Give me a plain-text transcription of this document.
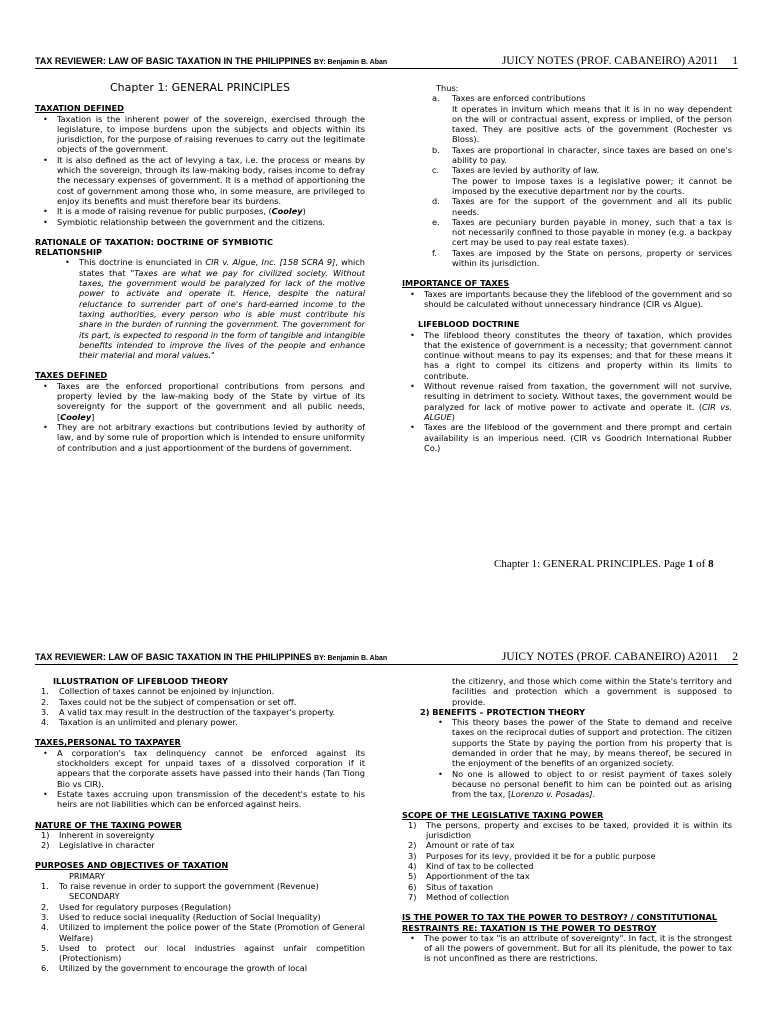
TAX REVIEWER: LAW OF BASIC TAXATION IN THE PHILIPPINES BY: Benjamin B. Aban	JUICY NOTES (PROF. CABANEIRO) A2011 1

Chapter 1: GENERAL PRINCIPLES

TAXATION DEFINED

• Taxation is the inherent power of the sovereign, exercised through the legislature, to impose burdens upon the subjects and objects within its jurisdiction, for the purpose of raising revenues to carry out the legitimate objects of the government.
• It is also defined as the act of levying a tax, i.e. the process or means by which the sovereign, through its law-making body, raises income to defray the necessary expenses of government. It is a method of apportioning the cost of government among those who, in some measure, are privileged to enjoy its benefits and must therefore bear its burdens.
• It is a mode of raising revenue for public purposes, (Cooley)
• Symbiotic relationship between the government and the citizens.

RATIONALE OF TAXATION: DOCTRINE OF SYMBIOTIC RELATIONSHIP

• This doctrine is enunciated in CIR v. Algue, Inc. [158 SCRA 9], which states that "Taxes are what we pay for civilized society. Without taxes, the government would be paralyzed for lack of the motive power to activate and operate it. Hence, despite the natural reluctance to surrender part of one's hard-earned income to the taxing authorities, every person who is able must contribute his share in the burden of running the government. The government for its part, is expected to respond in the form of tangible and intangible benefits intended to improve the lives of the people and enhance their material and moral values."

TAXES DEFINED

• Taxes are the enforced proportional contributions from persons and property levied by the law-making body of the State by virtue of its sovereignty for the support of the government and all public needs, [Cooley]
• They are not arbitrary exactions but contributions levied by authority of law, and by some rule of proportion which is intended to ensure uniformity of contribution and a just apportionment of the burdens of government.

Thus:

a. Taxes are enforced contributions
It operates in invitum which means that it is in no way dependent on the will or contractual assent, express or implied, of the person taxed. They are positive acts of the government (Rochester vs Bloss).
b. Taxes are proportional in character, since taxes are based on one's ability to pay.
c. Taxes are levied by authority of law.
The power to impose taxes is a legislative power; it cannot be imposed by the executive department nor by the courts.
d. Taxes are for the support of the government and all its public needs.
e. Taxes are pecuniary burden payable in money, such that a tax is not necessarily confined to those payable in money (e.g. a backpay cert may be used to pay real estate taxes).
f. Taxes are imposed by the State on persons, property or services within its jurisdiction.

IMPORTANCE OF TAXES

• Taxes are importants because they the lifeblood of the government and so should be calculated without unnecessary hindrance (CIR vs Algue).

LIFEBLOOD DOCTRINE

• The lifeblood theory constitutes the theory of taxation, which provides that the existence of government is a necessity; that government cannot continue without means to pay its expenses; and that for these means it has a right to compel its citizens and property within its limits to contribute.
• Without revenue raised from taxation, the government will not survive, resulting in detriment to society. Without taxes, the government would be paralyzed for lack of motive power to activate and operate it. (CIR vs. ALGUE)
• Taxes are the lifeblood of the government and there prompt and certain availability is an imperious need. (CIR vs Goodrich International Rubber Co.)
Chapter 1: GENERAL PRINCIPLES. Page 1 of 8
TAX REVIEWER: LAW OF BASIC TAXATION IN THE PHILIPPINES BY: Benjamin B. Aban	JUICY NOTES (PROF. CABANEIRO) A2011 2

ILLUSTRATION OF LIFEBLOOD THEORY

1. Collection of taxes cannot be enjoined by injunction.
2. Taxes could not be the subject of compensation or set off.
3. A valid tax may result in the destruction of the taxpayer's property.
4. Taxation is an unlimited and plenary power.

TAXES,PERSONAL TO TAXPAYER

• A corporation's tax delinquency cannot be enforced against its stockholders except for unpaid taxes of a dissolved corporation if it appears that the corporate assets have passed into their hands (Tan Tiong Bio vs CIR).
• Estate taxes accruing upon transmission of the decedent's estate to his heirs are not liabilities which can be enforced against heirs.

NATURE OF THE TAXING POWER

1) Inherent in sovereignty
2) Legislative in character

PURPOSES AND OBJECTIVES OF TAXATION

PRIMARY

1. To raise revenue in order to support the government (Revenue)

SECONDARY

2. Used for regulatory purposes (Regulation)
3. Used to reduce social inequality (Reduction of Social Inequality)
4. Utilized to implement the police power of the State (Promotion of General Welfare)
5. Used to protect our local industries against unfair competition (Protectionism)
6. Utilized by the government to encourage the growth of local

the citizenry, and those which come within the State's territory and facilities and protection which a government is supposed to provide.

2) BENEFITS – PROTECTION THEORY

• This theory bases the power of the State to demand and receive taxes on the reciprocal duties of support and protection. The citizen supports the State by paying the portion from his property that is demanded in order that he may, by means thereof, be secured in the enjoyment of the benefits of an organized society.
• No one is allowed to object to or resist payment of taxes solely because no personal benefit to him can be pointed out as arising from the tax, [Lorenzo v. Posadas].

SCOPE OF THE LEGISLATIVE TAXING POWER

1) The persons, property and excises to be taxed, provided it is within its jurisdiction
2) Amount or rate of tax
3) Purposes for its levy, provided it be for a public purpose
4) Kind of tax to be collected
5) Apportionment of the tax
6) Situs of taxation
7) Method of collection

IS THE POWER TO TAX THE POWER TO DESTROY? / CONSTITUTIONAL RESTRAINTS RE: TAXATION IS THE POWER TO DESTROY

• The power to tax "is an attribute of sovereignty". In fact, it is the strongest of all the powers of government. But for all its plenitude, the power to tax is not unconfined as there are restrictions.
